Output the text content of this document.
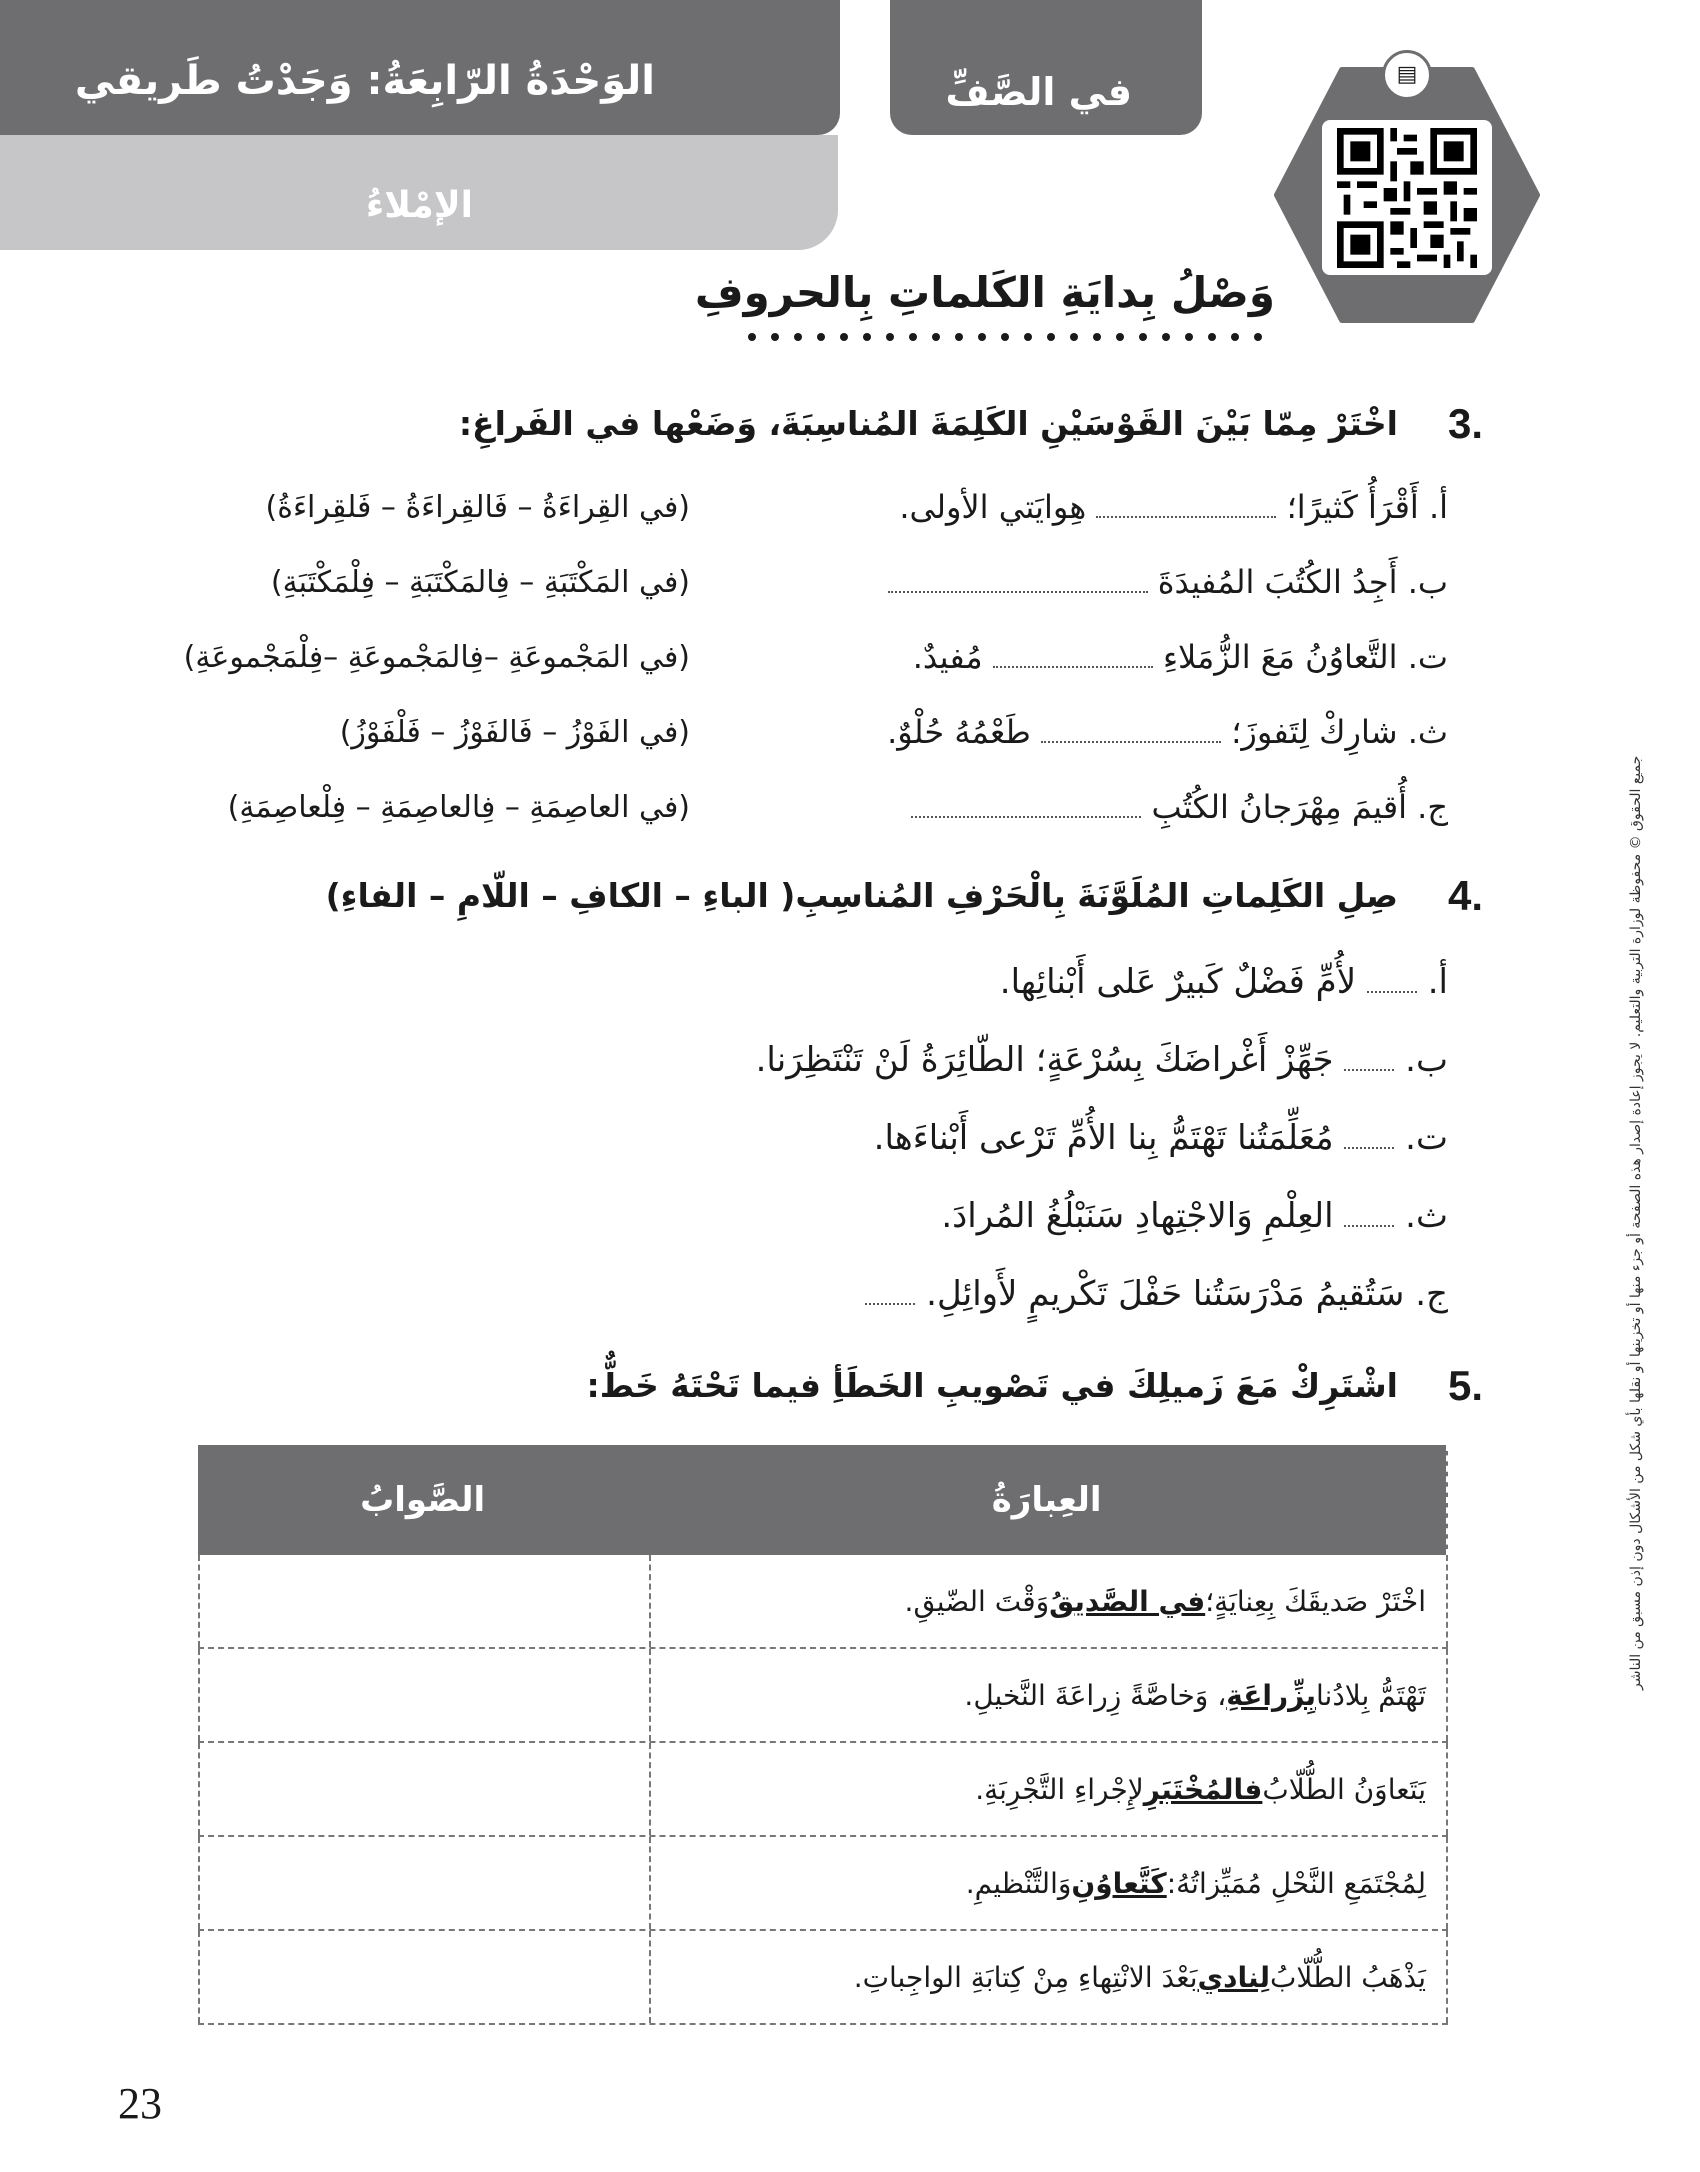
الوَحْدَةُ الرّابِعَةُ: وَجَدْتُ طَريقي
الإمْلاءُ
في الصَّفِّ	▤
وَصْلُ بِدايَةِ الكَلماتِ بِالحروفِ
3.
اخْتَرْ مِمّا بَيْنَ القَوْسَيْنِ الكَلِمَةَ المُناسِبَةَ، وَضَعْها في الفَراغِ:
أ. أَقْرَأُ كَثيرًا؛  هِوايَتي الأولى.
(في القِراءَةُ – فَالقِراءَةُ – فَلقِراءَةُ)
ب. أَجِدُ الكُتُبَ المُفيدَةَ
(في المَكْتَبَةِ – فِالمَكْتَبَةِ – فِلْمَكْتَبَةِ)
ت. التَّعاوُنُ مَعَ الزُّمَلاءِ  مُفيدٌ.
(في المَجْموعَةِ –فِالمَجْموعَةِ –فِلْمَجْموعَةِ)
ث. شارِكْ لِتَفوزَ؛  طَعْمُهُ حُلْوٌ.
(في الفَوْزُ – فَالفَوْزُ – فَلْفَوْزُ)
ج. أُقيمَ مِهْرَجانُ الكُتُبِ
(في العاصِمَةِ – فِالعاصِمَةِ – فِلْعاصِمَةِ)
4.
صِلِ الكَلِماتِ المُلَوَّنَةَ بِالْحَرْفِ المُناسِبِ( الباءِ – الكافِ – اللّامِ – الفاءِ)
أ.  لأُمِّ فَضْلٌ كَبيرٌ عَلى أَبْنائِها.
ب.  جَهِّزْ أَغْراضَكَ بِسُرْعَةٍ؛ الطّائِرَةُ لَنْ تَنْتَظِرَنا.
ت.  مُعَلِّمَتُنا تَهْتَمُّ بِنا الأُمِّ تَرْعى أَبْناءَها.
ث.  العِلْمِ وَالاجْتِهادِ سَنَبْلُغُ المُرادَ.
ج. سَتُقيمُ مَدْرَسَتُنا حَفْلَ تَكْريمٍ لأَوائِلِ.
5.
اشْتَرِكْ مَعَ زَميلِكَ في تَصْويبِ الخَطَأِ فيما تَحْتَهُ خَطٌّ:
الصَّوابُ	العِبارَةُ
اخْتَرْ صَديقَكَ بِعِنايَةٍ؛
في الصَّديقُ
وَقْتَ الضّيقِ.
تَهْتَمُّ بِلادُنا
بِزِّراعَةِ
، وَخاصَّةً زِراعَةَ النَّخيلِ.
يَتَعاوَنُ الطُّلّابُ
فالمُخْتَبَرِ
لإِجْراءِ التَّجْرِبَةِ.
لِمُجْتَمَعِ النَّحْلِ مُمَيِّزاتُهُ:
كَتَّعاوُنِ
وَالتَّنْظيمِ.
يَذْهَبُ الطُّلّابُ
لِنادي
بَعْدَ الانْتِهاءِ مِنْ كِتابَةِ الواجِباتِ.
جميع الحقوق © محفوظة لوزارة التربية والتعليم. لا يجوز إعادة إصدار هذه الصفحة أو جزء منها أو تخزينها أو نقلها بأي شكل من الأشكال دون إذن مسبق من الناشر
23
